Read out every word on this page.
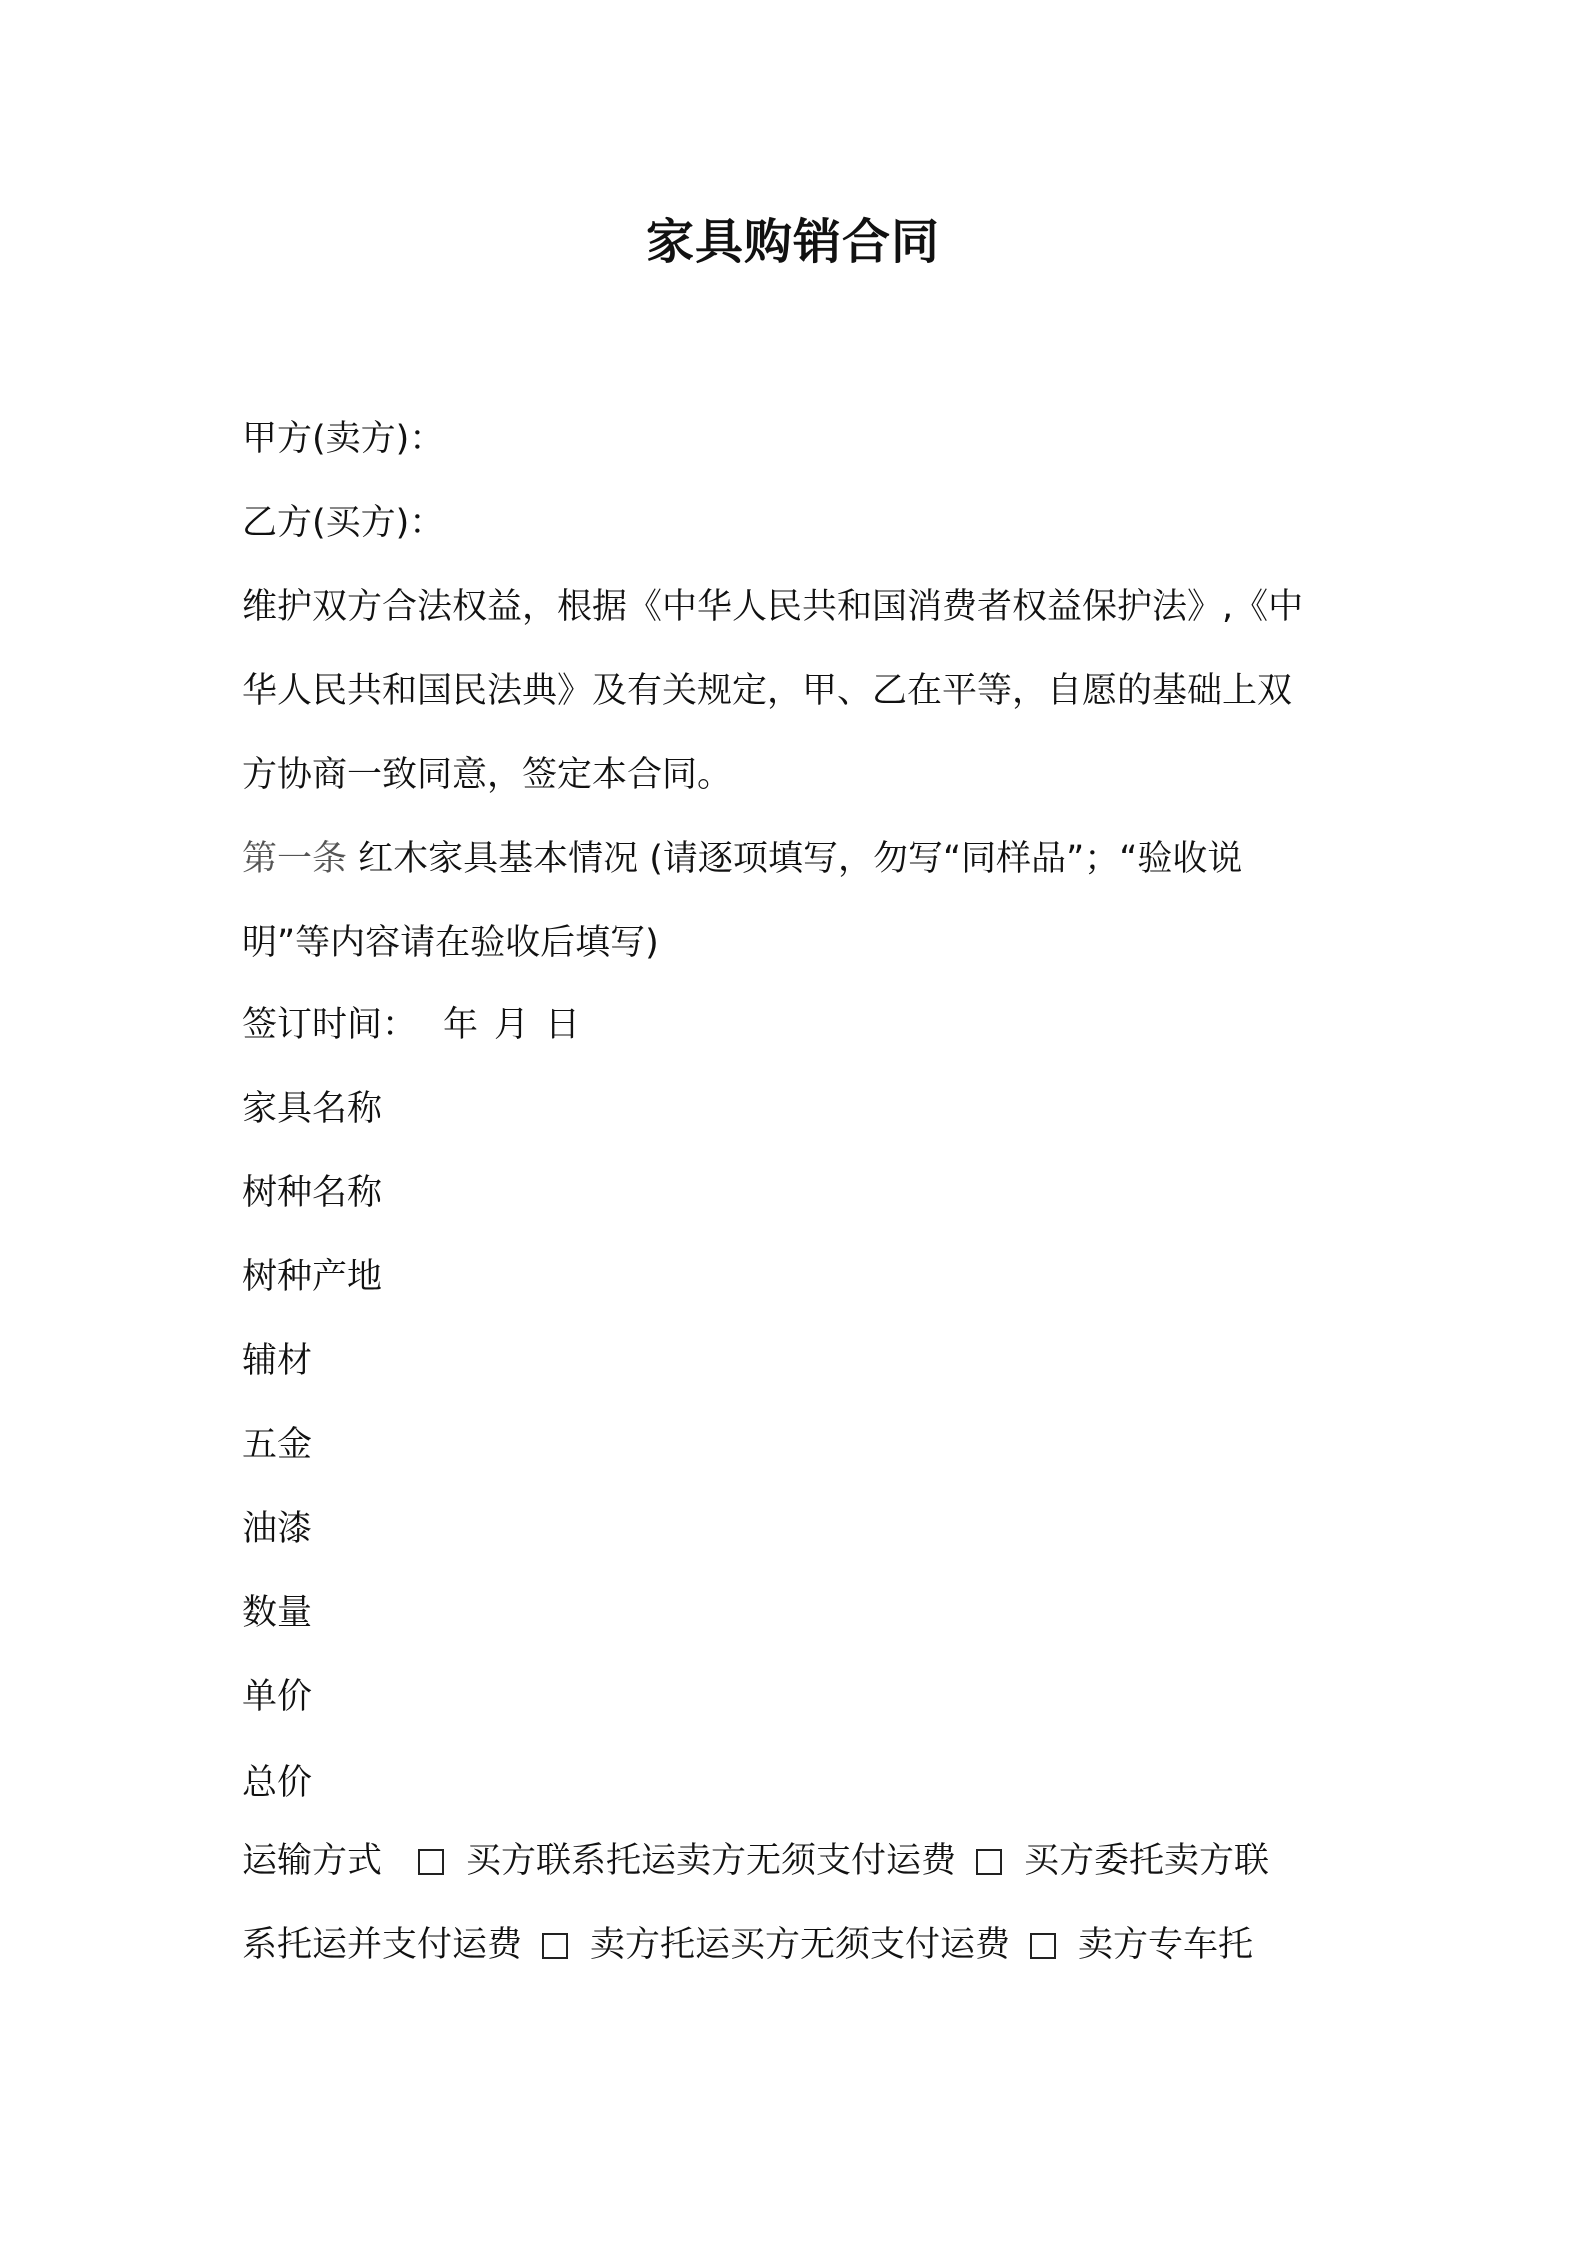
家具购销合同
甲方(卖方)：
乙方(买方)：
维护双方合法权益，根据《中华人民共和国消费者权益保护法》,《中
华人民共和国民法典》及有关规定，甲、乙在平等，自愿的基础上双
方协商一致同意，签定本合同。
第一条 红木家具基本情况 (请逐项填写，勿写“同样品”；“验收说
明”等内容请在验收后填写)
签订时间： 年 月 日
家具名称
树种名称
树种产地
辅材
五金
油漆
数量
单价
总价
运输方式 买方联系托运卖方无须支付运费 买方委托卖方联
系托运并支付运费 卖方托运买方无须支付运费 卖方专车托
